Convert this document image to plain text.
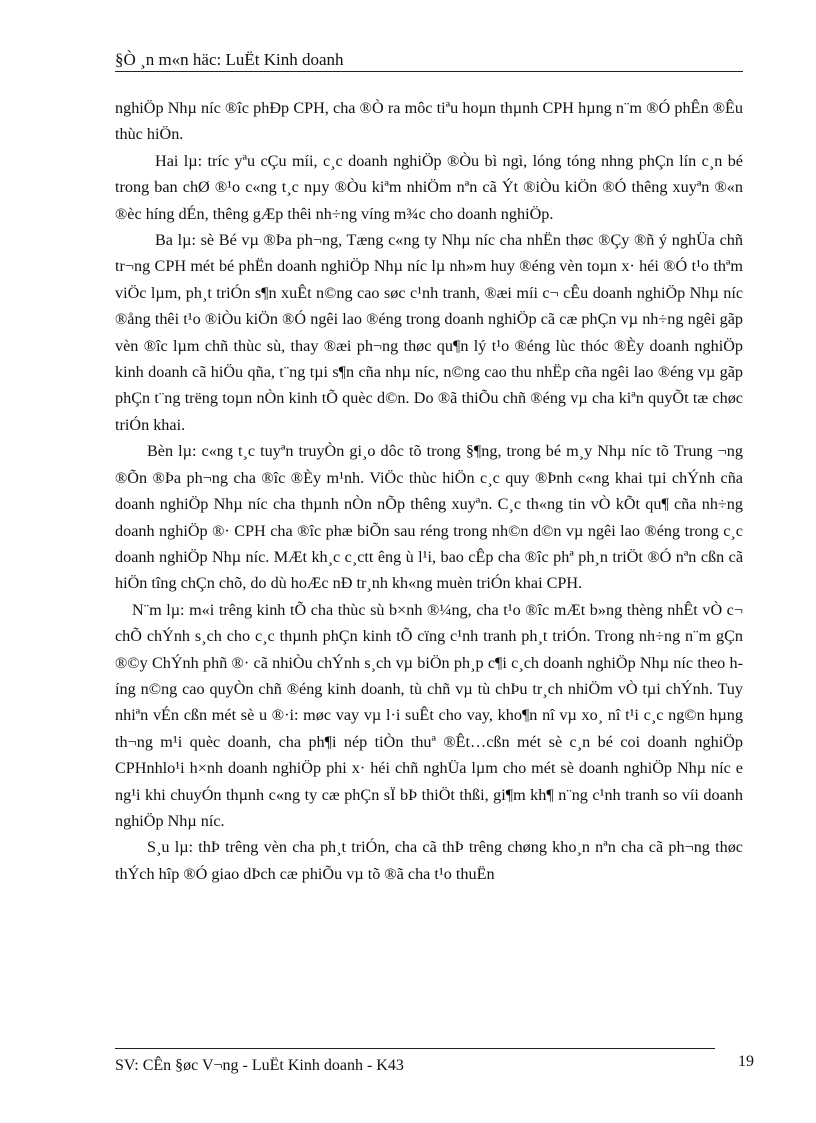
§Ò ¸n m«n häc: LuËt Kinh doanh

nghiÖp Nhµ níc ®îc phÐp CPH, cha ®Ò ra môc tiªu hoµn thµnh CPH hµng n¨m ®Ó phÊn ®Êu thùc hiÖn.

Hai lµ: tríc yªu cÇu míi, c¸c doanh nghiÖp ®Òu bì ngì, lóng tóng nhng phÇn lín c¸n bé trong ban chØ ®¹o c«ng t¸c nµy ®Òu kiªm nhiÖm nªn cã Ýt ®iÒu kiÖn ®Ó thêng xuyªn ®«n ®èc híng dÉn, thêng gÆp thêi nh÷ng víng m¾c cho doanh nghiÖp.

Ba lµ: sè Bé vµ ®Þa ph¬ng, Tæng c«ng ty Nhµ níc cha nhËn thøc ®Çy ®ñ ý nghÜa chñ tr¬ng CPH mét bé phËn doanh nghiÖp Nhµ níc lµ nh»m huy ®éng vèn toµn x· héi ®Ó t¹o thªm viÖc lµm, ph¸t triÓn s¶n xuÊt n©ng cao søc c¹nh tranh, ®æi míi c¬ cÊu doanh nghiÖp Nhµ níc ®ång thêi t¹o ®iÒu kiÖn ®Ó ngêi lao ®éng trong doanh nghiÖp cã cæ phÇn vµ nh÷ng ngêi gãp vèn ®îc lµm chñ thùc sù, thay ®æi ph¬ng thøc qu¶n lý t¹o ®éng lùc thóc ®Èy doanh nghiÖp kinh doanh cã hiÖu qña, t¨ng tµi s¶n cña nhµ níc, n©ng cao thu nhËp cña ngêi lao ®éng vµ gãp phÇn t¨ng trëng toµn nÒn kinh tÕ quèc d©n. Do ®ã thiÕu chñ ®éng vµ cha kiªn quyÕt tæ chøc triÓn khai.

Bèn lµ: c«ng t¸c tuyªn truyÒn gi¸o dôc tõ trong §¶ng, trong bé m¸y Nhµ níc tõ Trung ¬ng ®Õn ®Þa ph¬ng cha ®îc ®Èy m¹nh. ViÖc thùc hiÖn c¸c quy ®Þnh c«ng khai tµi chÝnh cña doanh nghiÖp Nhµ níc cha thµnh nÒn nÕp thêng xuyªn. C¸c th«ng tin vÒ kÕt qu¶ cña nh÷ng doanh nghiÖp ®· CPH cha ®îc phæ biÕn sau réng trong nh©n d©n vµ ngêi lao ®éng trong c¸c doanh nghiÖp Nhµ níc. MÆt kh¸c c¸ctt êng ù l¹i, bao cÊp cha ®îc phª ph¸n triÖt ®Ó nªn cßn cã hiÖn tîng chÇn chõ, do dù hoÆc nÐ tr¸nh kh«ng muèn triÓn khai CPH.

N¨m lµ: m«i trêng kinh tÕ cha thùc sù b×nh ®¼ng, cha t¹o ®îc mÆt b»ng thèng nhÊt vÒ c¬ chÕ chÝnh s¸ch cho c¸c thµnh phÇn kinh tÕ cïng c¹nh tranh ph¸t triÓn. Trong nh÷ng n¨m gÇn ®©y ChÝnh phñ ®· cã nhiÒu chÝnh s¸ch vµ biÖn ph¸p c¶i c¸ch doanh nghiÖp Nhµ níc theo híng n©ng cao quyÒn chñ ®éng kinh doanh, tù chñ vµ tù chÞu tr¸ch nhiÖm vÒ tµi chÝnh. Tuy nhiªn vÉn cßn mét sè u ®·i: møc vay vµ l·i suÊt cho vay, kho¶n nî vµ xo¸ nî t¹i c¸c ng©n hµng th¬ng m¹i quèc doanh, cha ph¶i nép tiÒn thuª ®Êt…cßn mét sè c¸n bé coi doanh nghiÖp CPHnhlo¹i h×nh doanh nghiÖp phi x· héi chñ nghÜa lµm cho mét sè doanh nghiÖp Nhµ níc e ng¹i khi chuyÓn thµnh c«ng ty cæ phÇn sÏ bÞ thiÖt thßi, gi¶m kh¶ n¨ng c¹nh tranh so víi doanh nghiÖp Nhµ níc.

S¸u lµ: thÞ trêng vèn cha ph¸t triÓn, cha cã thÞ trêng chøng kho¸n nªn cha cã ph¬ng thøc thÝch hîp ®Ó giao dÞch cæ phiÕu vµ tõ ®ã cha t¹o thuËn

SV: CÊn §øc V¬ng - LuËt Kinh doanh - K43	19
